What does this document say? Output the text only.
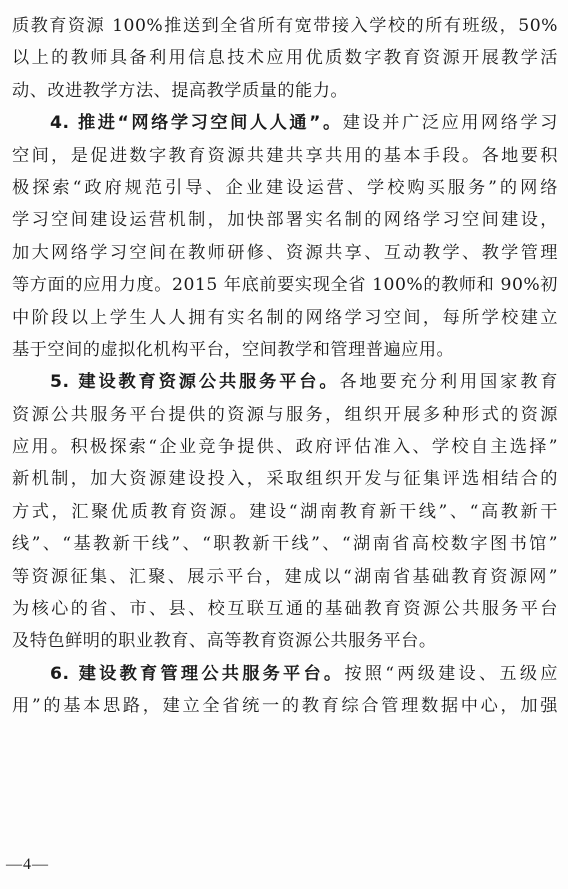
质教育资源 100%推送到全省所有宽带接入学校的所有班级，50%
以上的教师具备利用信息技术应用优质数字教育资源开展教学活
动、改进教学方法、提高教学质量的能力。
4. 推进“网络学习空间人人通”。建设并广泛应用网络学习
空间，是促进数字教育资源共建共享共用的基本手段。各地要积
极探索“政府规范引导、企业建设运营、学校购买服务”的网络
学习空间建设运营机制，加快部署实名制的网络学习空间建设，
加大网络学习空间在教师研修、资源共享、互动教学、教学管理
等方面的应用力度。2015 年底前要实现全省 100%的教师和 90%初
中阶段以上学生人人拥有实名制的网络学习空间，每所学校建立
基于空间的虚拟化机构平台，空间教学和管理普遍应用。
5. 建设教育资源公共服务平台。各地要充分利用国家教育
资源公共服务平台提供的资源与服务，组织开展多种形式的资源
应用。积极探索“企业竞争提供、政府评估准入、学校自主选择”
新机制，加大资源建设投入，采取组织开发与征集评选相结合的
方式，汇聚优质教育资源。建设“湖南教育新干线”、“高教新干
线”、“基教新干线”、“职教新干线”、“湖南省高校数字图书馆”
等资源征集、汇聚、展示平台，建成以“湖南省基础教育资源网”
为核心的省、市、县、校互联互通的基础教育资源公共服务平台
及特色鲜明的职业教育、高等教育资源公共服务平台。
6. 建设教育管理公共服务平台。按照“两级建设、五级应
用”的基本思路，建立全省统一的教育综合管理数据中心，加强
—4—
